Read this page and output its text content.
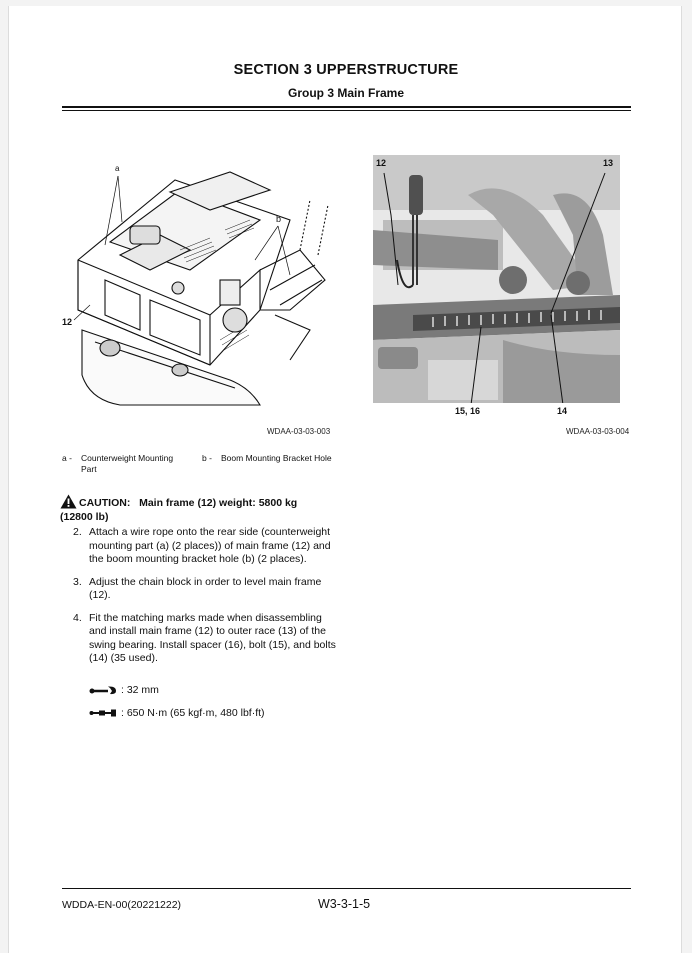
SECTION 3 UPPERSTRUCTURE
Group 3 Main Frame
a
b
12
WDAA-03-03-003
12	13
15, 16	14
WDAA-03-03-004
a - Counterweight Mounting
Part
b - Boom Mounting Bracket Hole
CAUTION: Main frame (12) weight: 5800 kg
(12800 lb)
2. Attach a wire rope onto the rear side (counterweight mounting part (a) (2 places)) of main frame (12) and the boom mounting bracket hole (b) (2 places).
3. Adjust the chain block in order to level main frame (12).
4. Fit the matching marks made when disassembling and install main frame (12) to outer race (13) of the swing bearing. Install spacer (16), bolt (15), and bolts (14) (35 used).
: 32 mm
: 650 N·m (65 kgf·m, 480 lbf·ft)
WDDA-EN-00(20221222)	W3-3-1-5
